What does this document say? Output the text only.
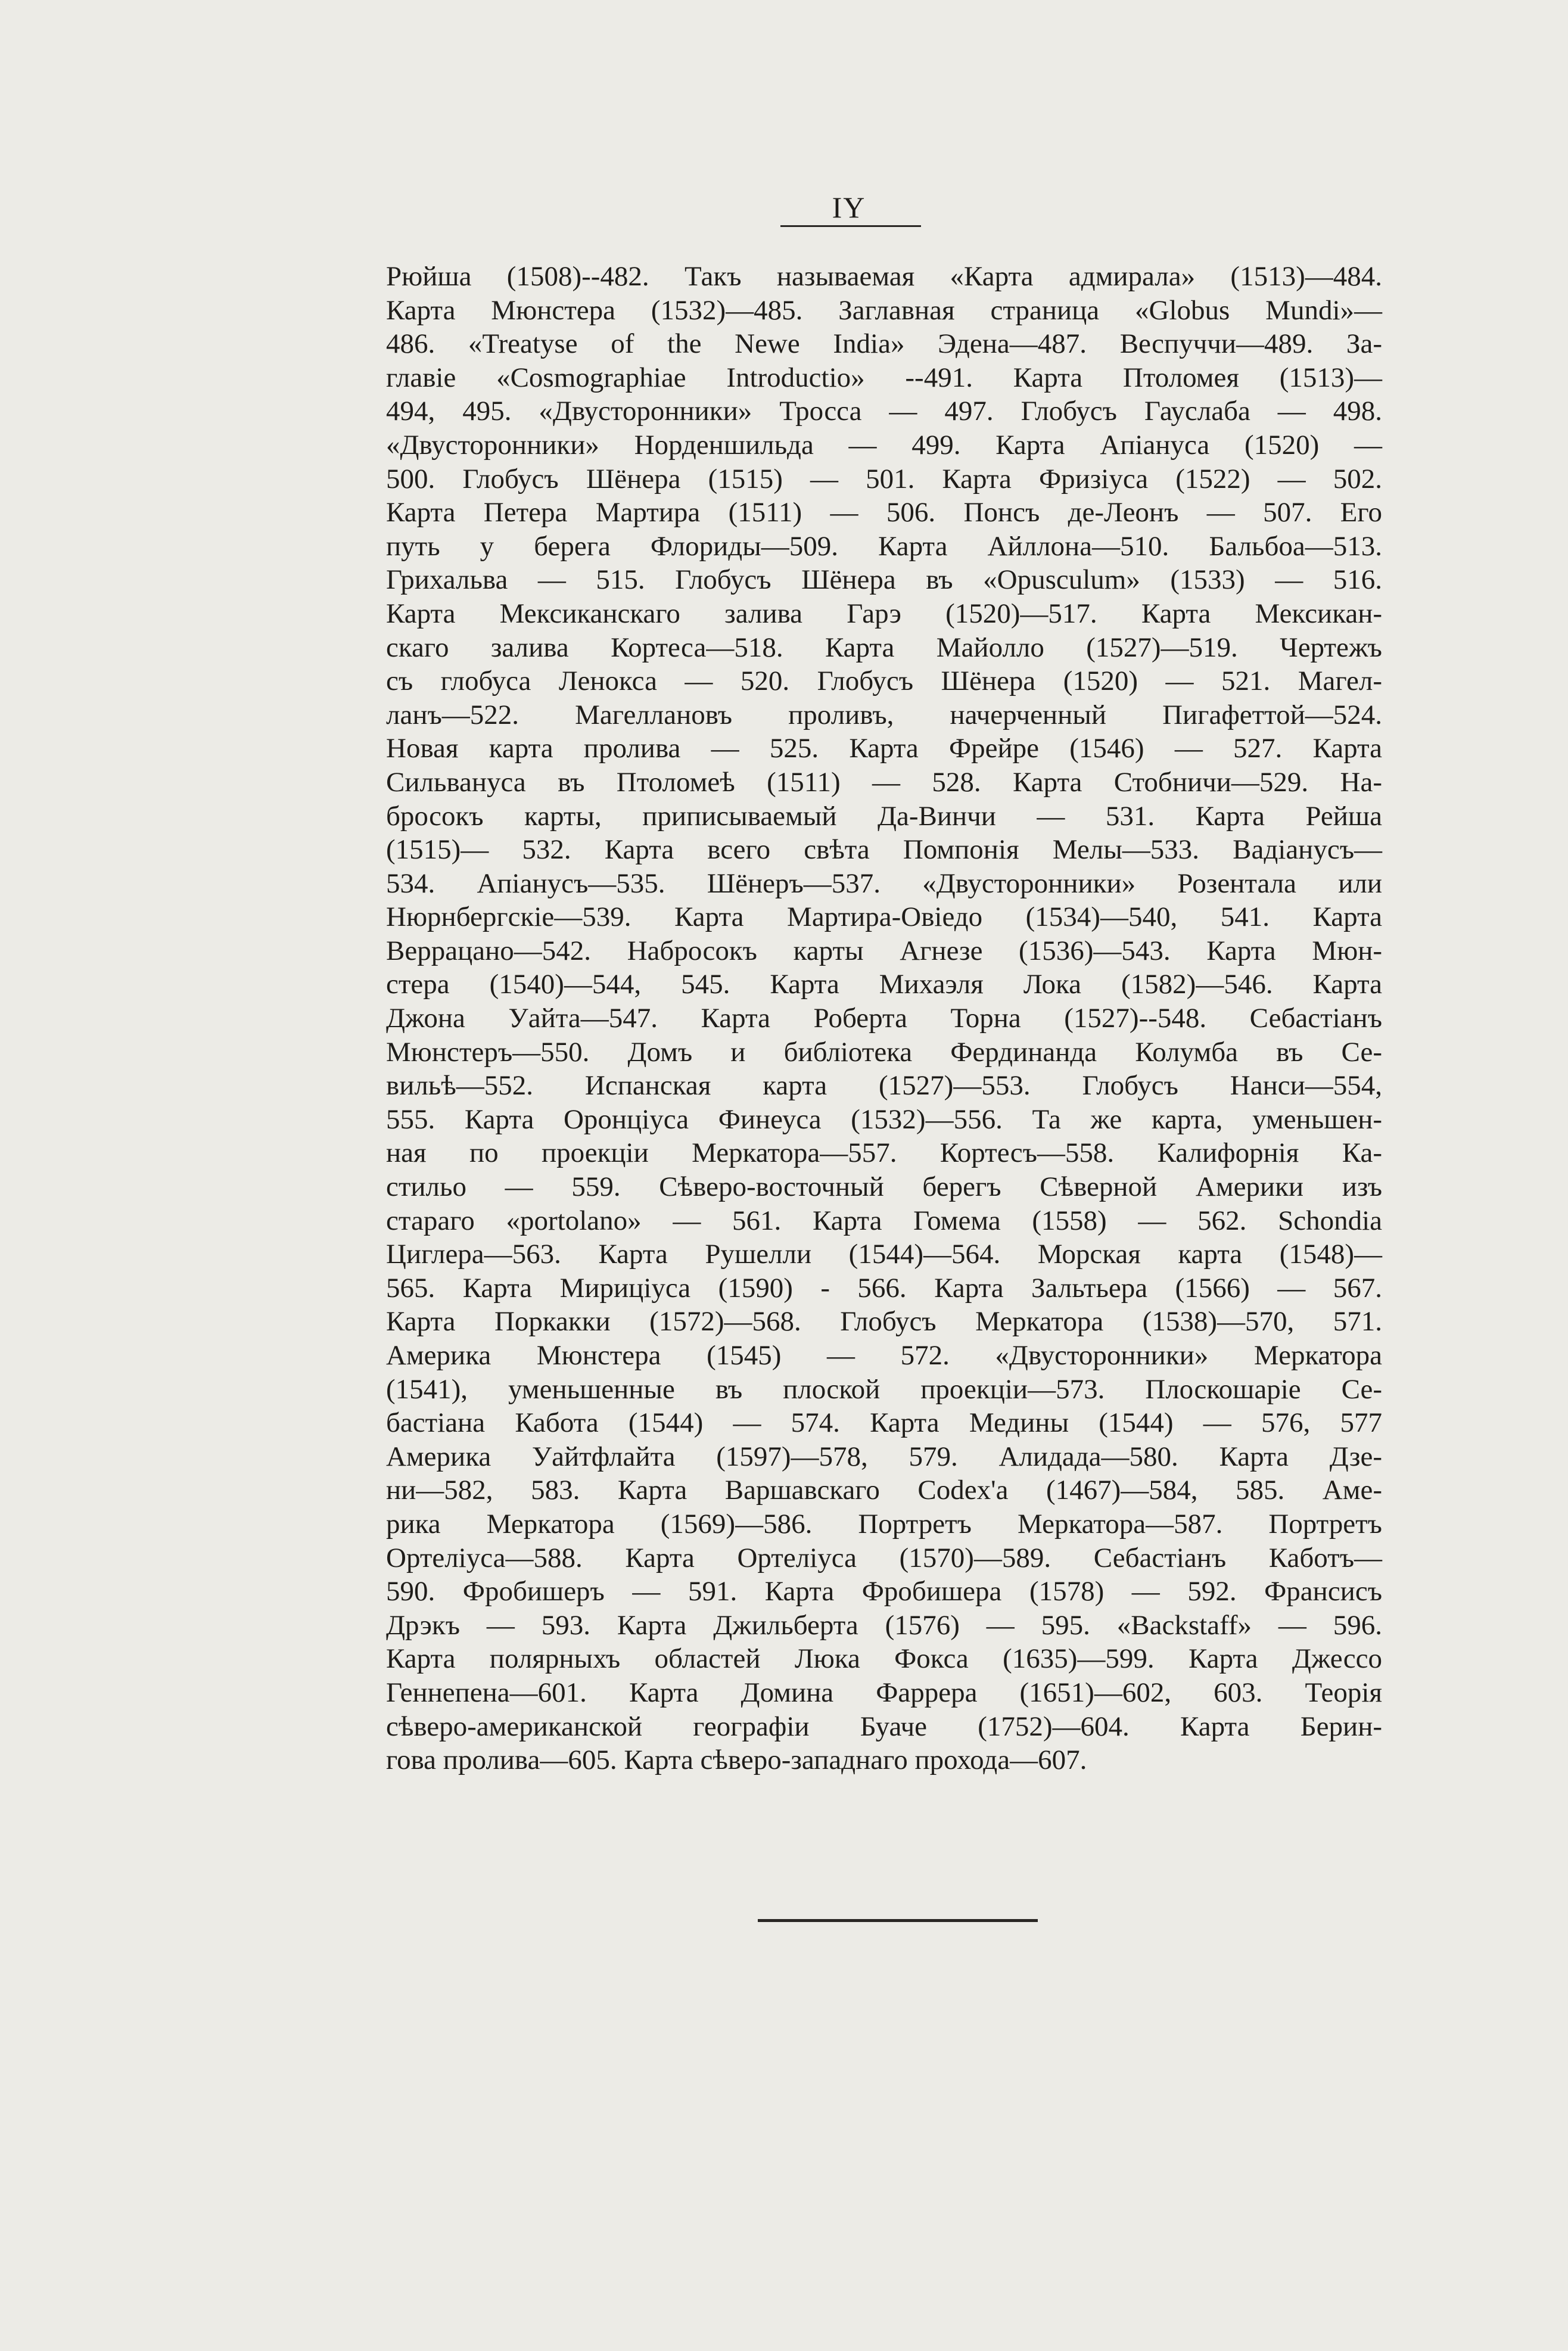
IY
Рюйша (1508)--482. Такъ называемая «Карта адмирала» (1513)—484.
Карта Мюнстера (1532)—485. Заглавная страница «Globus Mundi»—
486. «Treatyse of the Newe India» Эдена—487. Веспуччи—489. За-
главіе «Cosmographiae Introductio» --491. Карта Птоломея (1513)—
494, 495. «Двусторонники» Тросса — 497. Глобусъ Гауслаба — 498.
«Двусторонники» Норденшильда — 499. Карта Апіануса (1520) —
500. Глобусъ Шёнера (1515) — 501. Карта Фризіуса (1522) — 502.
Карта Петера Мартира (1511) — 506. Понсъ де-Леонъ — 507. Его
путь у берега Флориды—509. Карта Айллона—510. Бальбоа—513.
Грихальва — 515. Глобусъ Шёнера въ «Opusculum» (1533) — 516.
Карта Мексиканскаго залива Гарэ (1520)—517. Карта Мексикан-
скаго залива Кортеса—518. Карта Майолло (1527)—519. Чертежъ
съ глобуса Ленокса — 520. Глобусъ Шёнера (1520) — 521. Магел-
ланъ—522. Магеллановъ проливъ, начерченный Пигафеттой—524.
Новая карта пролива — 525. Карта Фрейре (1546) — 527. Карта
Сильвануса въ Птоломеѣ (1511) — 528. Карта Стобничи—529. На-
бросокъ карты, приписываемый Да-Винчи — 531. Карта Рейша
(1515)— 532. Карта всего свѣта Помпонія Мелы—533. Вадіанусъ—
534. Апіанусъ—535. Шёнеръ—537. «Двусторонники» Розентала или
Нюрнбергскіе—539. Карта Мартира-Овіедо (1534)—540, 541. Карта
Веррацано—542. Набросокъ карты Агнезе (1536)—543. Карта Мюн-
стера (1540)—544, 545. Карта Михаэля Лока (1582)—546. Карта
Джона Уайта—547. Карта Роберта Торна (1527)--548. Себастіанъ
Мюнстеръ—550. Домъ и библіотека Фердинанда Колумба въ Се-
вильѣ—552. Испанская карта (1527)—553. Глобусъ Нанси—554,
555. Карта Оронціуса Финеуса (1532)—556. Та же карта, уменьшен-
ная по проекціи Меркатора—557. Кортесъ—558. Калифорнія Ка-
стильо — 559. Сѣверо-восточный берегъ Сѣверной Америки изъ
стараго «portolano» — 561. Карта Гомема (1558) — 562. Schondia
Циглера—563. Карта Рушелли (1544)—564. Морская карта (1548)—
565. Карта Мириціуса (1590) - 566. Карта Зальтьера (1566) — 567.
Карта Поркакки (1572)—568. Глобусъ Меркатора (1538)—570, 571.
Америка Мюнстера (1545) — 572. «Двусторонники» Меркатора
(1541), уменьшенные въ плоской проекціи—573. Плоскошаріе Се-
бастіана Кабота (1544) — 574. Карта Медины (1544) — 576, 577
Америка Уайтфлайта (1597)—578, 579. Алидада—580. Карта Дзе-
ни—582, 583. Карта Варшавскаго Codex'а (1467)—584, 585. Аме-
рика Меркатора (1569)—586. Портретъ Меркатора—587. Портретъ
Ортеліуса—588. Карта Ортеліуса (1570)—589. Себастіанъ Каботъ—
590. Фробишеръ — 591. Карта Фробишера (1578) — 592. Франсисъ
Дрэкъ — 593. Карта Джильберта (1576) — 595. «Backstaff» — 596.
Карта полярныхъ областей Люка Фокса (1635)—599. Карта Джессо
Геннепена—601. Карта Домина Фаррера (1651)—602, 603. Теорія
сѣверо-американской географіи Буаче (1752)—604. Карта Берин-
гова пролива—605. Карта сѣверо-западнаго прохода—607.
